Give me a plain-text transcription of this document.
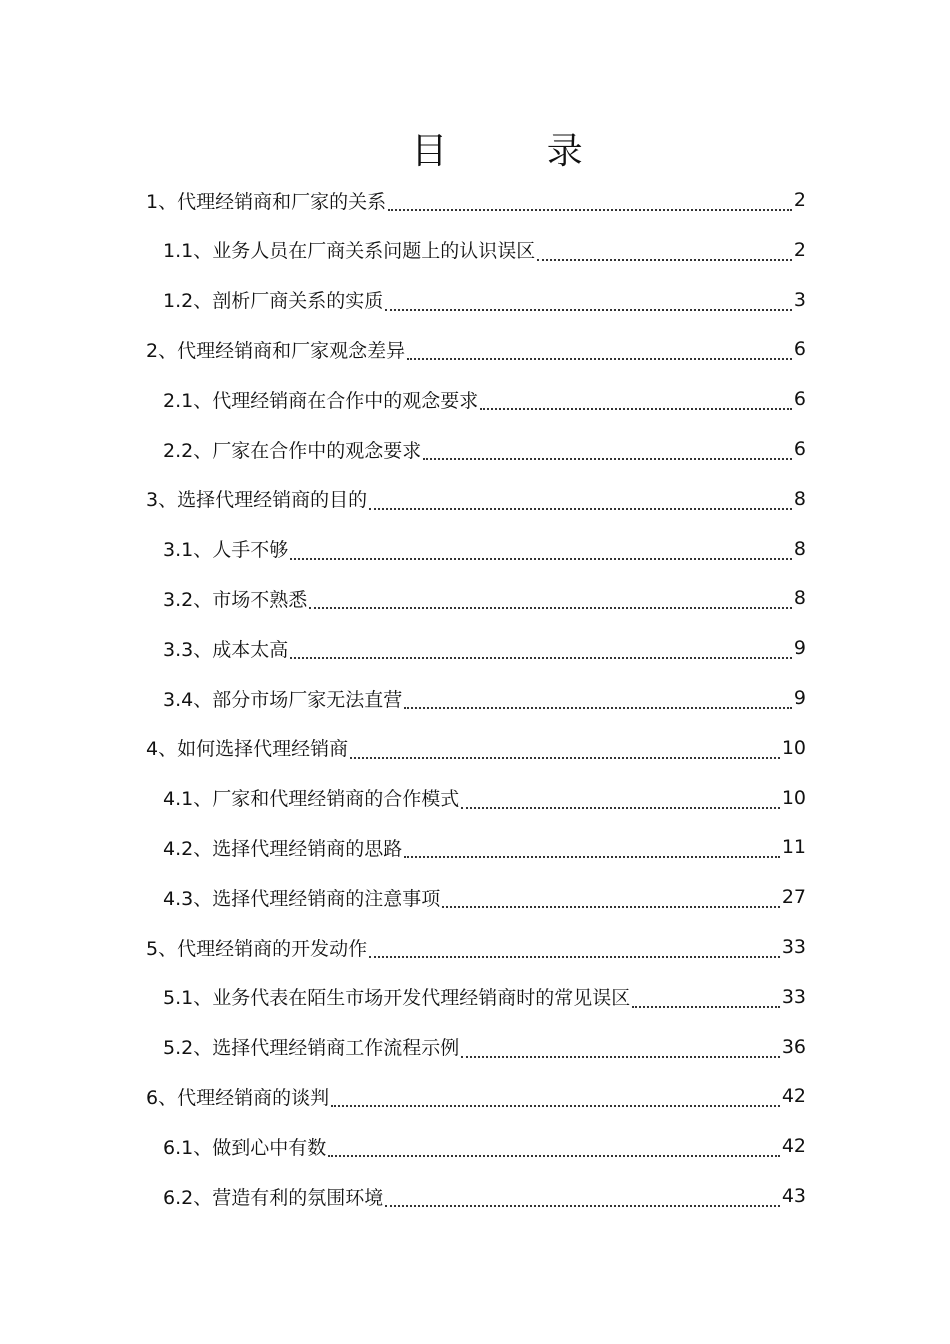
目 录
1、 代理经销商和厂家的关系	2
1.1、 业务人员在厂商关系问题上的认识误区	2
1.2、 剖析厂商关系的实质	3
2、 代理经销商和厂家观念差异	6
2.1、 代理经销商在合作中的观念要求	6
2.2、 厂家在合作中的观念要求	6
3、 选择代理经销商的目的	8
3.1、 人手不够	8
3.2、 市场不熟悉	8
3.3、 成本太高	9
3.4、 部分市场厂家无法直营	9
4、 如何选择代理经销商	10
4.1、 厂家和代理经销商的合作模式	10
4.2、 选择代理经销商的思路	11
4.3、 选择代理经销商的注意事项	27
5、 代理经销商的开发动作	33
5.1、 业务代表在陌生市场开发代理经销商时的常见误区	33
5.2、 选择代理经销商工作流程示例	36
6、 代理经销商的谈判	42
6.1、 做到心中有数	42
6.2、 营造有利的氛围环境	43
